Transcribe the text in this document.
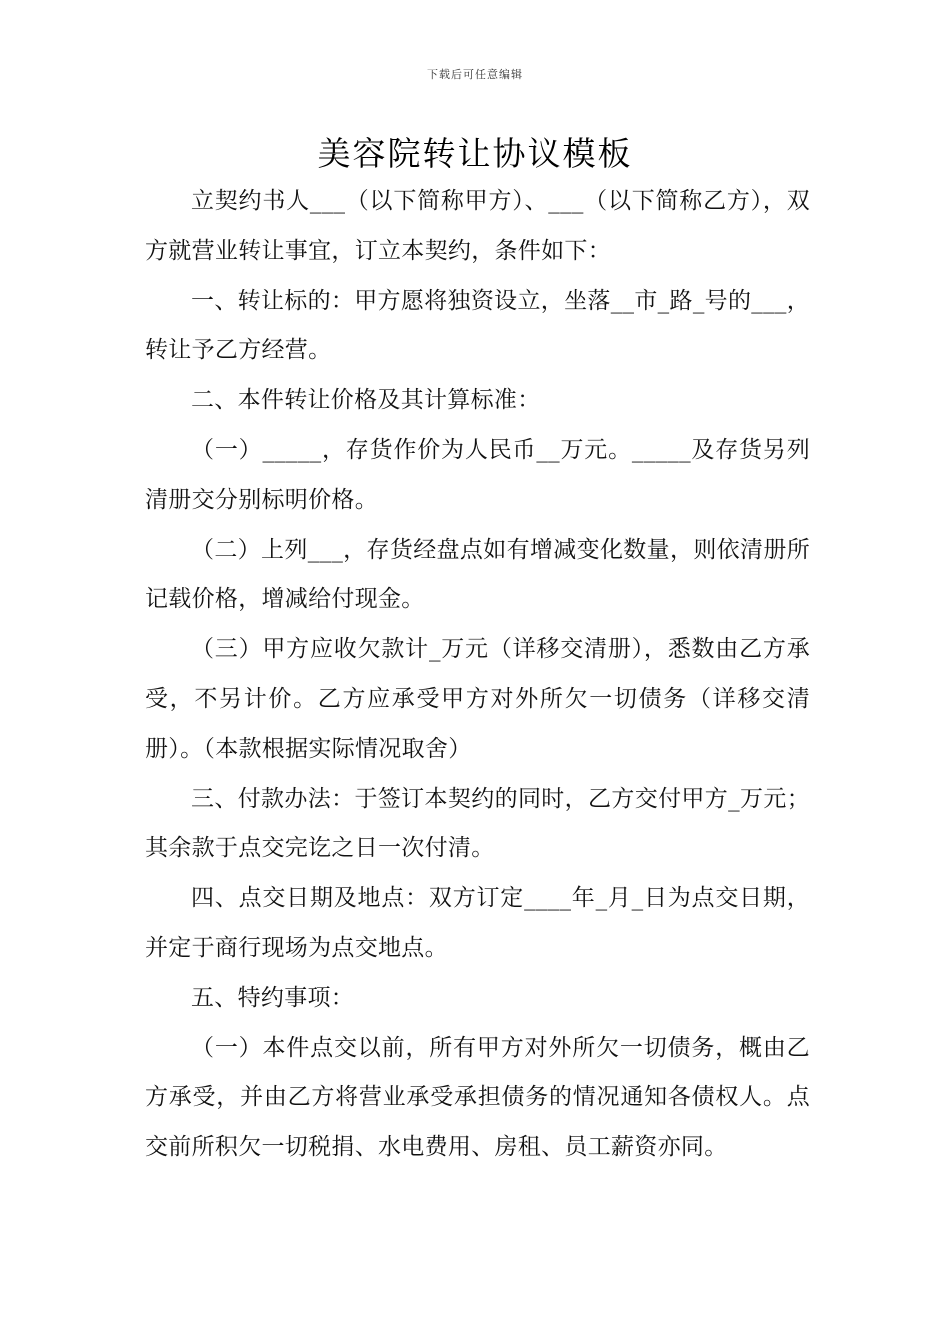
下载后可任意编辑
美容院转让协议模板

立契约书人___（以下简称甲方）、___（以下简称乙方），双方就营业转让事宜，订立本契约，条件如下：

一、转让标的：甲方愿将独资设立，坐落__市_路_号的___，转让予乙方经营。

二、本件转让价格及其计算标准：

（一）_____，存货作价为人民币__万元。_____及存货另列清册交分别标明价格。

（二）上列___，存货经盘点如有增减变化数量，则依清册所记载价格，增减给付现金。

（三）甲方应收欠款计_万元（详移交清册），悉数由乙方承受，不另计价。乙方应承受甲方对外所欠一切债务（详移交清册）。（本款根据实际情况取舍）

三、付款办法：于签订本契约的同时，乙方交付甲方_万元；其余款于点交完讫之日一次付清。

四、点交日期及地点：双方订定____年_月_日为点交日期，并定于商行现场为点交地点。

五、特约事项：

（一）本件点交以前，所有甲方对外所欠一切债务，概由乙方承受，并由乙方将营业承受承担债务的情况通知各债权人。点交前所积欠一切税捐、水电费用、房租、员工薪资亦同。
